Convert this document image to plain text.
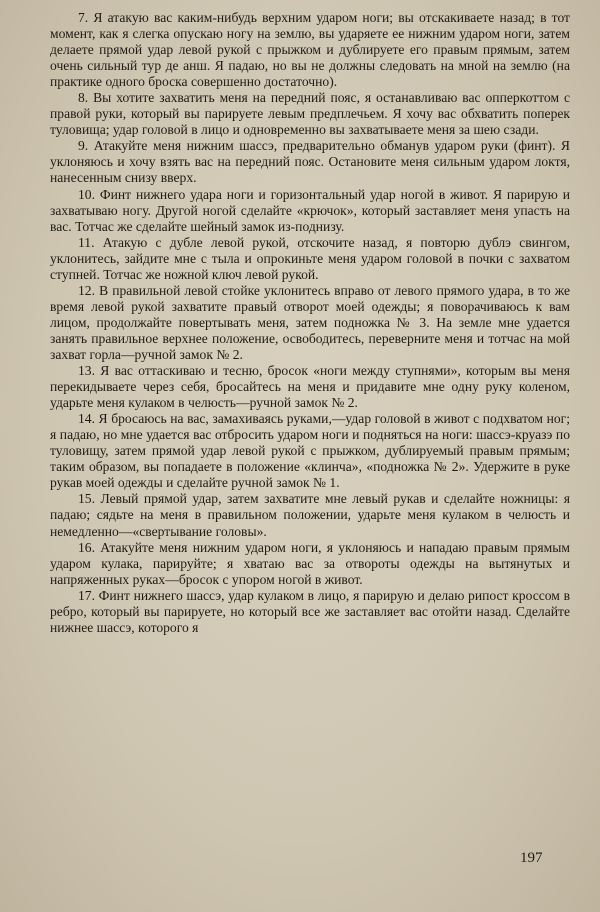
7. Я атакую вас каким-нибудь верхним ударом ноги; вы отскакиваете назад; в тот момент, как я слегка опускаю ногу на землю, вы ударяете ее нижним ударом ноги, затем делаете прямой удар левой рукой с прыжком и дублируете его правым прямым, затем очень сильный тур де анш. Я падаю, но вы не должны следовать на мной на землю (на практике одного броска совершенно достаточно).

8. Вы хотите захватить меня на передний пояс, я останавливаю вас опперкоттом с правой руки, который вы парируете левым предплечьем. Я хочу вас обхватить поперек туловища; удар головой в лицо и одновременно вы захватываете меня за шею сзади.

9. Атакуйте меня нижним шассэ, предварительно обманув ударом руки (финт). Я уклоняюсь и хочу взять вас на передний пояс. Остановите меня сильным ударом локтя, нанесенным снизу вверх.

10. Финт нижнего удара ноги и горизонтальный удар ногой в живот. Я парирую и захватываю ногу. Другой ногой сделайте «крючок», который заставляет меня упасть на вас. Тотчас же сделайте шейный замок из-поднизу.

11. Атакую с дубле левой рукой, отскочите назад, я повторю дублэ свингом, уклонитесь, зайдите мне с тыла и опрокиньте меня ударом головой в почки с захватом ступней. Тотчас же ножной ключ левой рукой.

12. В правильной левой стойке уклонитесь вправо от левого прямого удара, в то же время левой рукой захватите правый отворот моей одежды; я поворачиваюсь к вам лицом, продолжайте повертывать меня, затем подножка № 3. На земле мне удается занять правильное верхнее положение, освободитесь, переверните меня и тотчас на мой захват горла—ручной замок № 2.

13. Я вас оттаскиваю и тесню, бросок «ноги между ступнями», которым вы меня перекидываете через себя, бросайтесь на меня и придавите мне одну руку коленом, ударьте меня кулаком в челюсть—ручной замок № 2.

14. Я бросаюсь на вас, замахиваясь руками,—удар головой в живот с подхватом ног; я падаю, но мне удается вас отбросить ударом ноги и подняться на ноги: шассэ-круазэ по туловищу, затем прямой удар левой рукой с прыжком, дублируемый правым прямым; таким образом, вы попадаете в положение «клинча», «подножка № 2». Удержите в руке рукав моей одежды и сделайте ручной замок № 1.

15. Левый прямой удар, затем захватите мне левый рукав и сделайте ножницы: я падаю; сядьте на меня в правильном положении, ударьте меня кулаком в челюсть и немедленно—«свертывание головы».

16. Атакуйте меня нижним ударом ноги, я уклоняюсь и нападаю правым прямым ударом кулака, парируйте; я хватаю вас за отвороты одежды на вытянутых и напряженных руках—бросок с упором ногой в живот.

17. Финт нижнего шассэ, удар кулаком в лицо, я парирую и делаю рипост кроссом в ребро, который вы парируете, но который все же заставляет вас отойти назад. Сделайте нижнее шассэ, которого я

197
